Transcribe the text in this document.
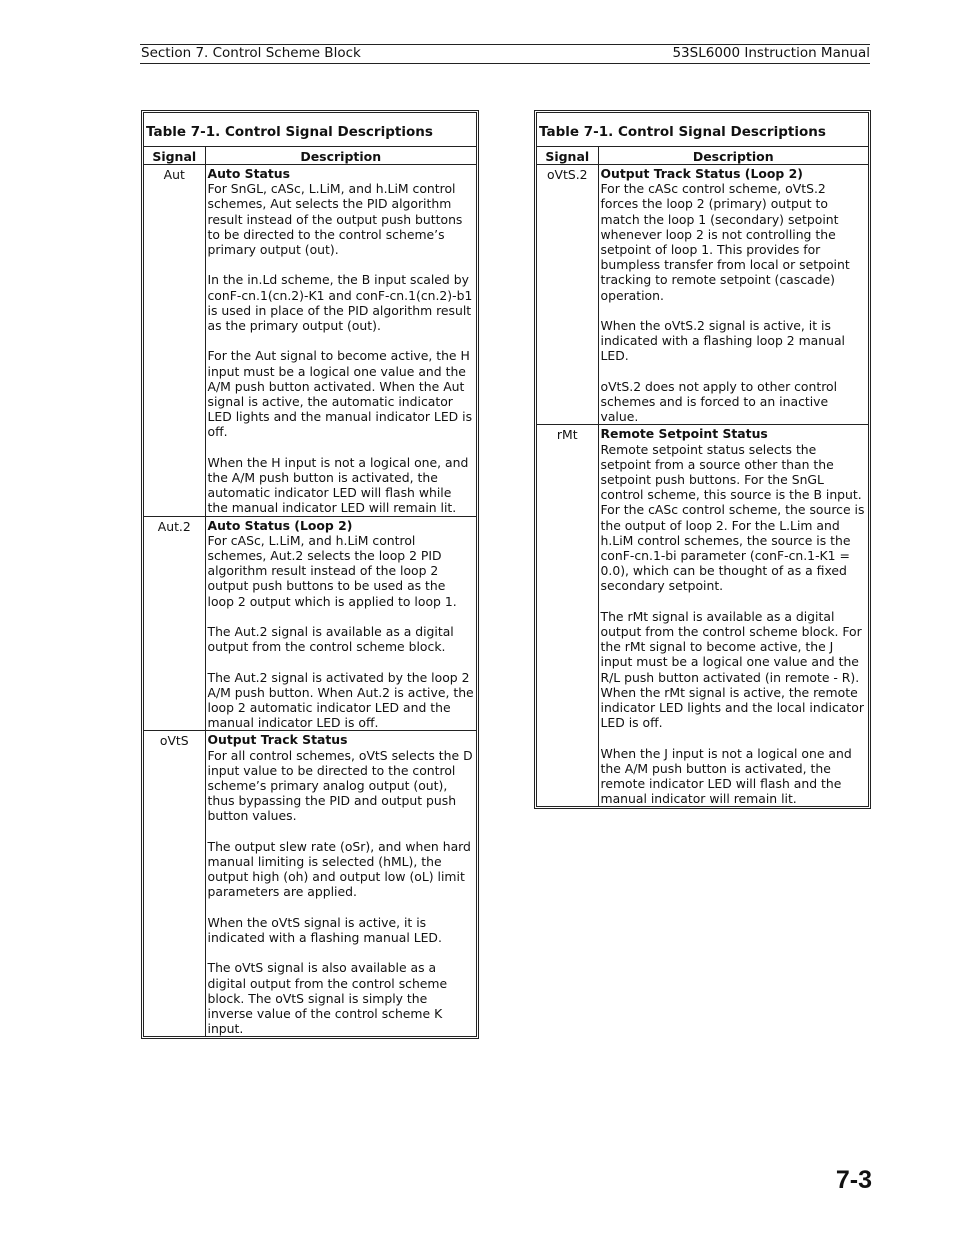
Section 7. Control Scheme Block	53SL6000 Instruction Manual
Table 7-1. Control Signal Descriptions
Signal	Description
Aut	Auto Status

For SnGL, cASc, L.LiM, and h.LiM control schemes, Aut selects the PID algorithm result instead of the output push buttons to be directed to the control scheme’s primary output (out).

In the in.Ld scheme, the B input scaled by conF-cn.1(cn.2)-K1 and conF-cn.1(cn.2)-b1 is used in place of the PID algorithm result as the primary output (out).

For the Aut signal to become active, the H input must be a logical one value and the A/M push button activated. When the Aut signal is active, the automatic indicator LED lights and the manual indicator LED is off.

When the H input is not a logical one, and the A/M push button is activated, the automatic indicator LED will flash while the manual indicator LED will remain lit.

Aut.2	Auto Status (Loop 2)

For cASc, L.LiM, and h.LiM control schemes, Aut.2 selects the loop 2 PID algorithm result instead of the loop 2 output push buttons to be used as the loop 2 output which is applied to loop 1.

The Aut.2 signal is available as a digital output from the control scheme block.

The Aut.2 signal is activated by the loop 2 A/M push button. When Aut.2 is active, the loop 2 automatic indicator LED and the manual indicator LED is off.

oVtS	Output Track Status

For all control schemes, oVtS selects the D input value to be directed to the control scheme’s primary analog output (out), thus bypassing the PID and output push button values.

The output slew rate (oSr), and when hard manual limiting is selected (hML), the output high (oh) and output low (oL) limit parameters are applied.

When the oVtS signal is active, it is indicated with a flashing manual LED.

The oVtS signal is also available as a digital output from the control scheme block. The oVtS signal is simply the inverse value of the control scheme K input.

Table 7-1. Control Signal Descriptions
Signal	Description
oVtS.2	Output Track Status (Loop 2)

For the cASc control scheme, oVtS.2 forces the loop 2 (primary) output to match the loop 1 (secondary) setpoint whenever loop 2 is not controlling the setpoint of loop 1. This provides for bumpless transfer from local or setpoint tracking to remote setpoint (cascade) operation.

When the oVtS.2 signal is active, it is indicated with a flashing loop 2 manual LED.

oVtS.2 does not apply to other control schemes and is forced to an inactive value.

rMt	Remote Setpoint Status

Remote setpoint status selects the setpoint from a source other than the setpoint push buttons. For the SnGL control scheme, this source is the B input. For the cASc control scheme, the source is the output of loop 2. For the L.Lim and h.LiM control schemes, the source is the conF-cn.1-bi parameter (conF-cn.1-K1 = 0.0), which can be thought of as a fixed secondary setpoint.

The rMt signal is available as a digital output from the control scheme block. For the rMt signal to become active, the J input must be a logical one value and the R/L push button activated (in remote - R). When the rMt signal is active, the remote indicator LED lights and the local indicator LED is off.

When the J input is not a logical one and the A/M push button is activated, the remote indicator LED will flash and the manual indicator will remain lit.

7-3
